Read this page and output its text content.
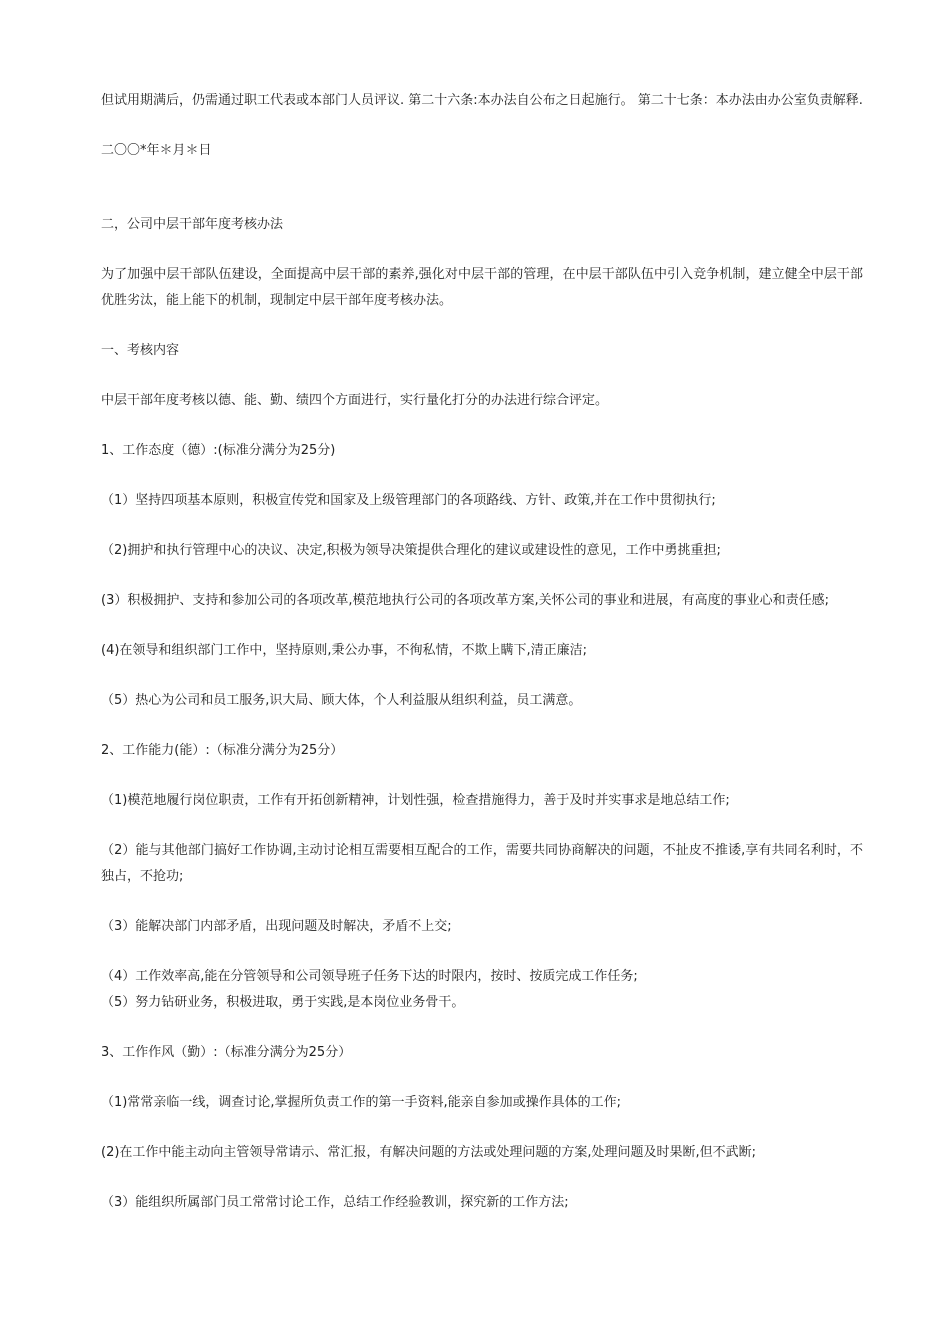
但试用期满后，仍需通过职工代表或本部门人员评议. 第二十六条:本办法自公布之日起施行。 第二十七条：本办法由办公室负责解释.

二〇〇*年＊月＊日

二，公司中层干部年度考核办法

为了加强中层干部队伍建设，全面提高中层干部的素养,强化对中层干部的管理，在中层干部队伍中引入竞争机制，建立健全中层干部优胜劣汰，能上能下的机制，现制定中层干部年度考核办法。

一、考核内容

中层干部年度考核以德、能、勤、绩四个方面进行，实行量化打分的办法进行综合评定。

1、工作态度（德）:(标准分满分为25分)

（1）坚持四项基本原则，积极宣传党和国家及上级管理部门的各项路线、方针、政策,并在工作中贯彻执行;

（2)拥护和执行管理中心的决议、决定,积极为领导决策提供合理化的建议或建设性的意见，工作中勇挑重担;

(3）积极拥护、支持和参加公司的各项改革,模范地执行公司的各项改革方案,关怀公司的事业和进展，有高度的事业心和责任感;

(4)在领导和组织部门工作中，坚持原则,秉公办事，不徇私情，不欺上瞒下,清正廉洁;

（5）热心为公司和员工服务,识大局、顾大体，个人利益服从组织利益，员工满意。

2、工作能力(能）:（标准分满分为25分）

（1)模范地履行岗位职责，工作有开拓创新精神，计划性强，检查措施得力，善于及时并实事求是地总结工作;

（2）能与其他部门搞好工作协调,主动讨论相互需要相互配合的工作，需要共同协商解决的问题，不扯皮不推诿,享有共同名利时，不独占，不抢功;

（3）能解决部门内部矛盾，出现问题及时解决，矛盾不上交;

（4）工作效率高,能在分管领导和公司领导班子任务下达的时限内，按时、按质完成工作任务;

（5）努力钻研业务，积极进取，勇于实践,是本岗位业务骨干。

3、工作作风（勤）:（标准分满分为25分）

（1)常常亲临一线，调查讨论,掌握所负责工作的第一手资料,能亲自参加或操作具体的工作;

(2)在工作中能主动向主管领导常请示、常汇报，有解决问题的方法或处理问题的方案,处理问题及时果断,但不武断;

（3）能组织所属部门员工常常讨论工作，总结工作经验教训，探究新的工作方法;
